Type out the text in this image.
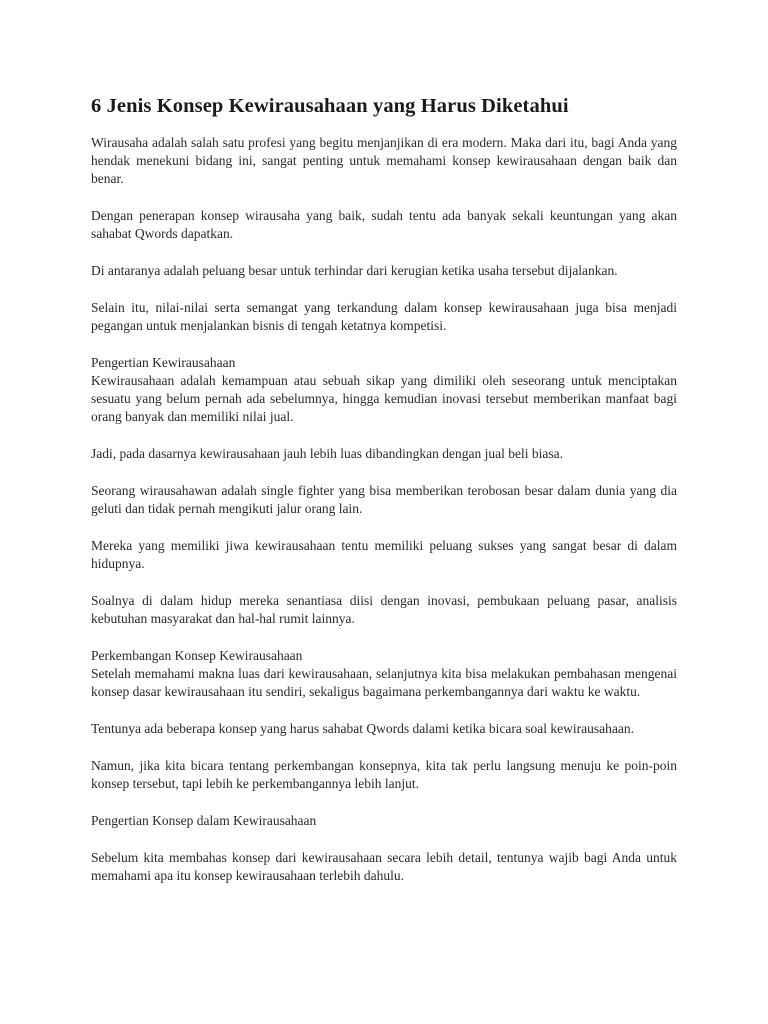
6 Jenis Konsep Kewirausahaan yang Harus Diketahui

Wirausaha adalah salah satu profesi yang begitu menjanjikan di era modern. Maka dari itu, bagi Anda yang hendak menekuni bidang ini, sangat penting untuk memahami konsep kewirausahaan dengan baik dan benar.

Dengan penerapan konsep wirausaha yang baik, sudah tentu ada banyak sekali keuntungan yang akan sahabat Qwords dapatkan.

Di antaranya adalah peluang besar untuk terhindar dari kerugian ketika usaha tersebut dijalankan.

Selain itu, nilai-nilai serta semangat yang terkandung dalam konsep kewirausahaan juga bisa menjadi pegangan untuk menjalankan bisnis di tengah ketatnya kompetisi.

Pengertian Kewirausahaan

Kewirausahaan adalah kemampuan atau sebuah sikap yang dimiliki oleh seseorang untuk menciptakan sesuatu yang belum pernah ada sebelumnya, hingga kemudian inovasi tersebut memberikan manfaat bagi orang banyak dan memiliki nilai jual.

Jadi, pada dasarnya kewirausahaan jauh lebih luas dibandingkan dengan jual beli biasa.

Seorang wirausahawan adalah single fighter yang bisa memberikan terobosan besar dalam dunia yang dia geluti dan tidak pernah mengikuti jalur orang lain.

Mereka yang memiliki jiwa kewirausahaan tentu memiliki peluang sukses yang sangat besar di dalam hidupnya.

Soalnya di dalam hidup mereka senantiasa diisi dengan inovasi, pembukaan peluang pasar, analisis kebutuhan masyarakat dan hal-hal rumit lainnya.

Perkembangan Konsep Kewirausahaan

Setelah memahami makna luas dari kewirausahaan, selanjutnya kita bisa melakukan pembahasan mengenai konsep dasar kewirausahaan itu sendiri, sekaligus bagaimana perkembangannya dari waktu ke waktu.

Tentunya ada beberapa konsep yang harus sahabat Qwords dalami ketika bicara soal kewirausahaan.

Namun, jika kita bicara tentang perkembangan konsepnya, kita tak perlu langsung menuju ke poin-poin konsep tersebut, tapi lebih ke perkembangannya lebih lanjut.

Pengertian Konsep dalam Kewirausahaan

Sebelum kita membahas konsep dari kewirausahaan secara lebih detail, tentunya wajib bagi Anda untuk memahami apa itu konsep kewirausahaan terlebih dahulu.
